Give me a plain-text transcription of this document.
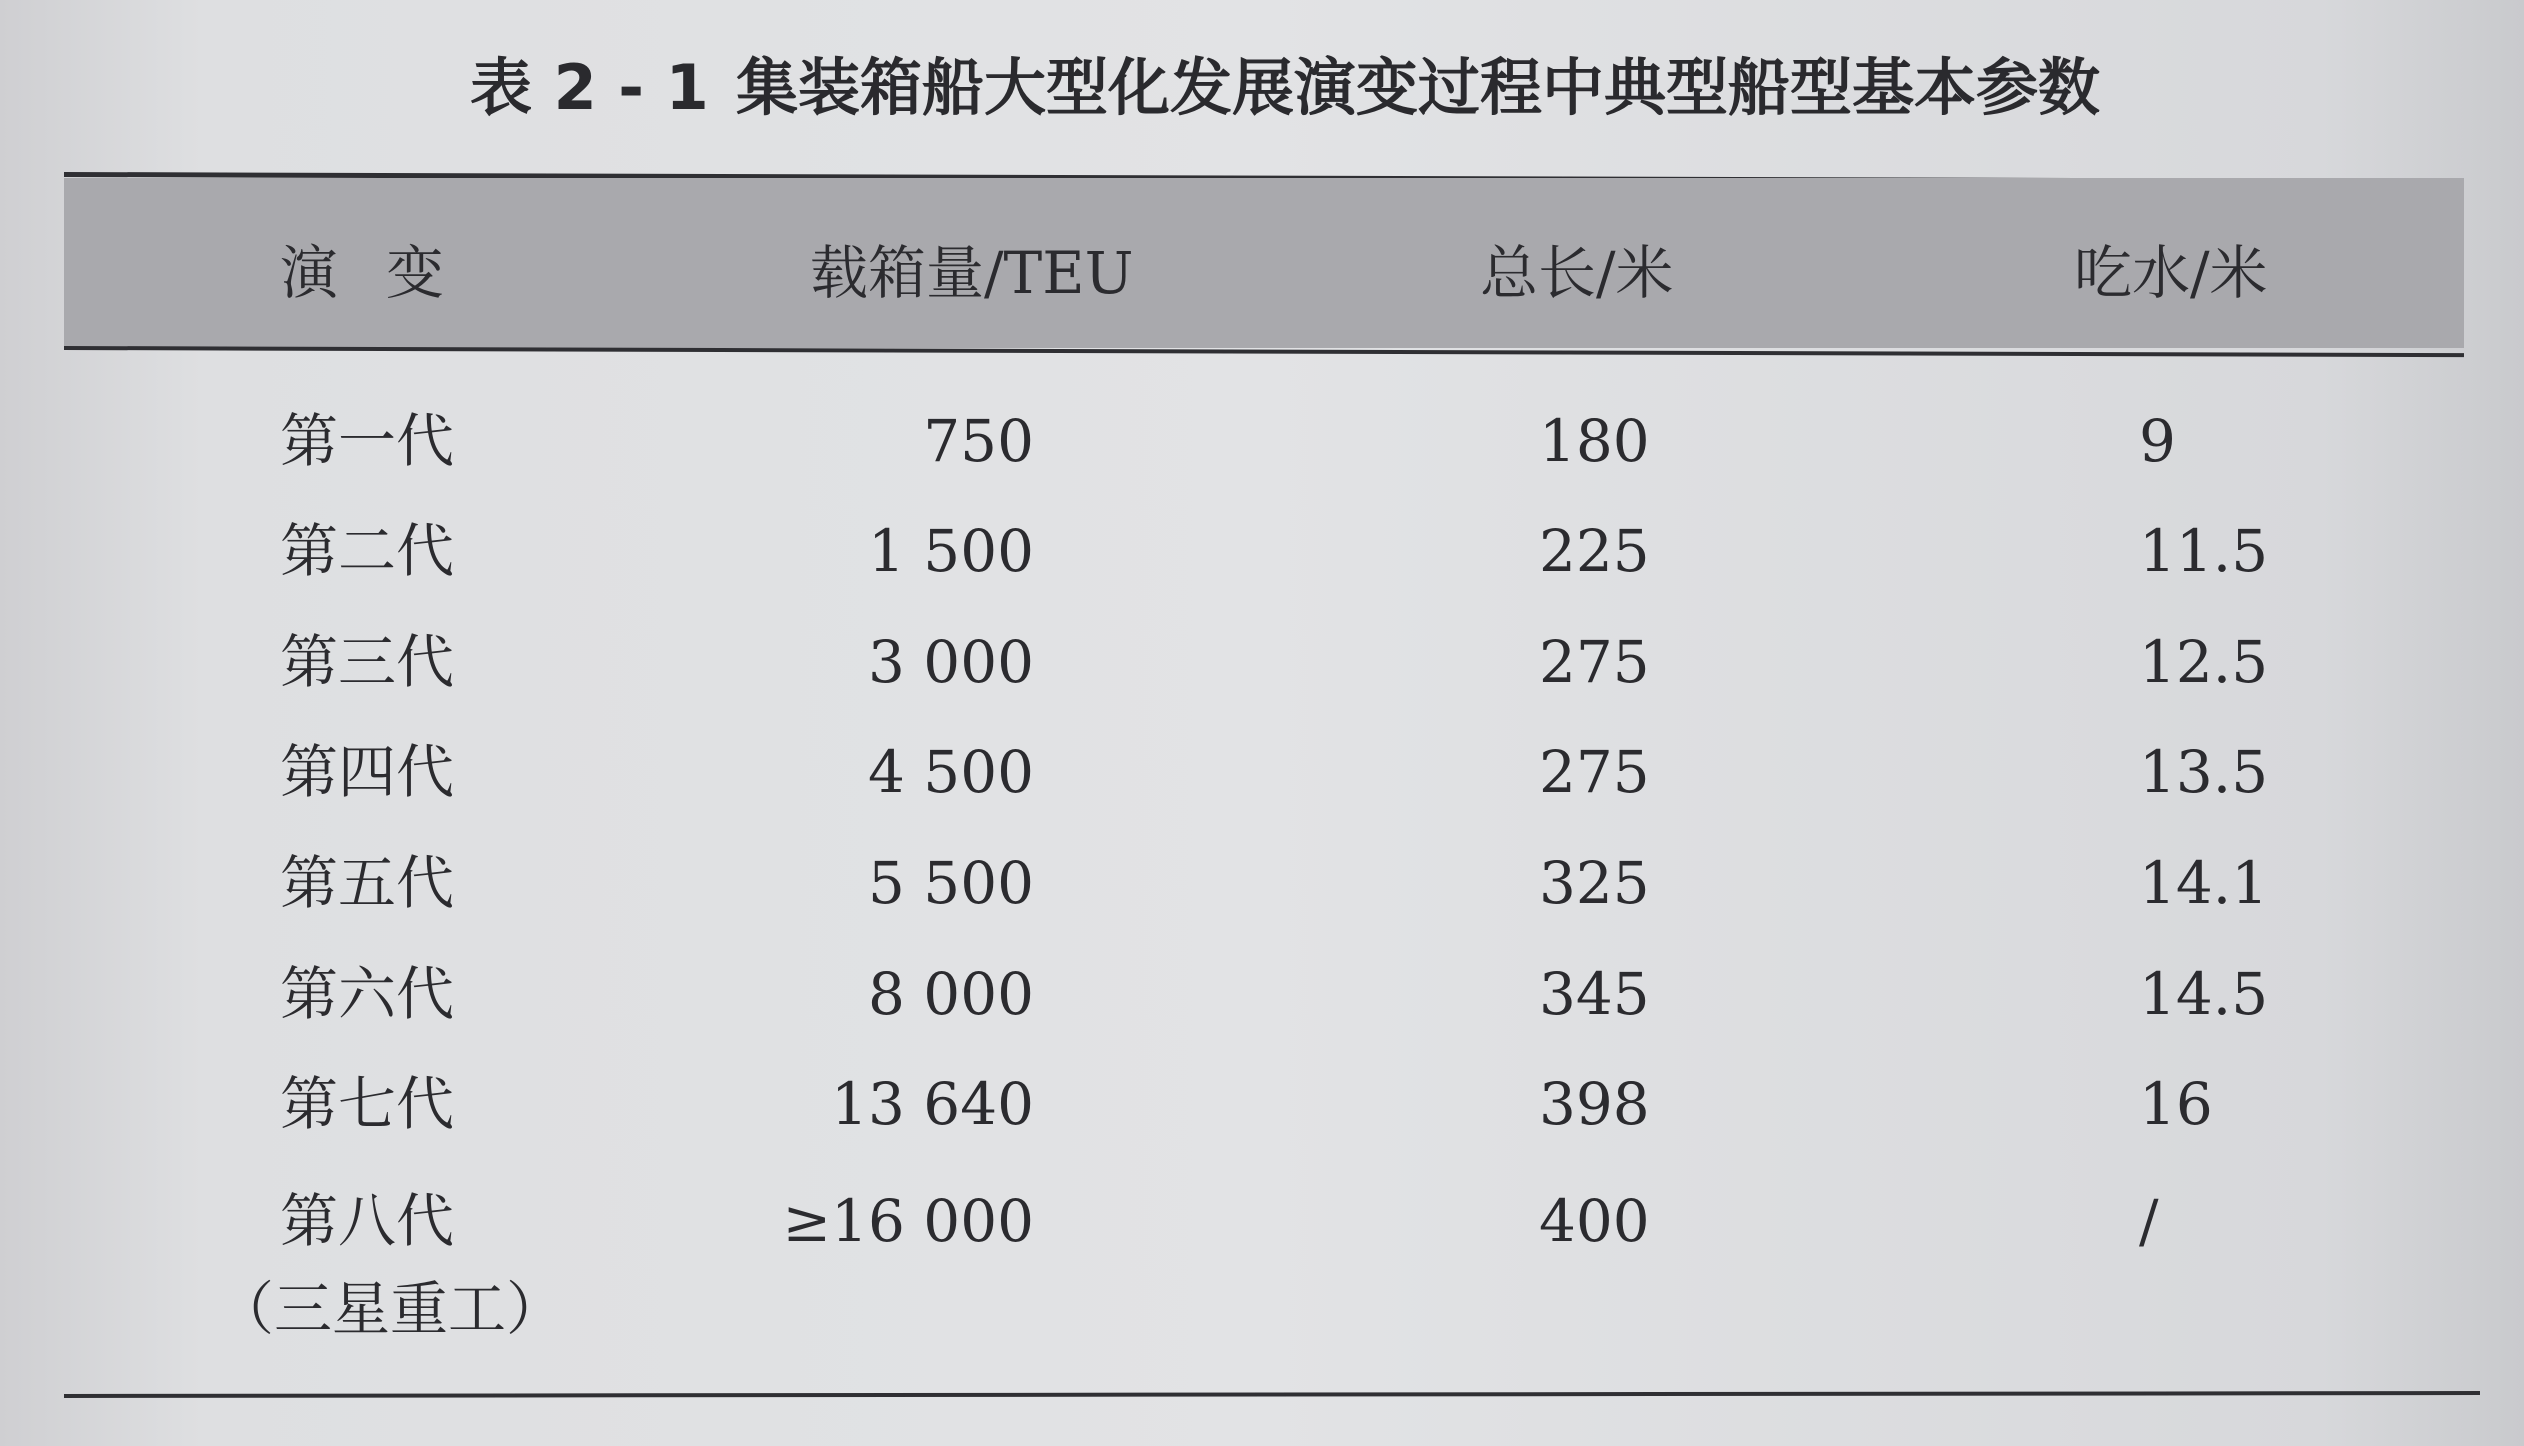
表 2 - 1 集装箱船大型化发展演变过程中典型船型基本参数
演变	载箱量/TEU	总长/米	吃水/米
第一代	750	180	9
第二代	1 500	225	11.5
第三代	3 000	275	12.5
第四代	4 500	275	13.5
第五代	5 500	325	14.1
第六代	8 000	345	14.5
第七代	13 640	398	16
第八代	≥16 000	400	/
（三星重工）
